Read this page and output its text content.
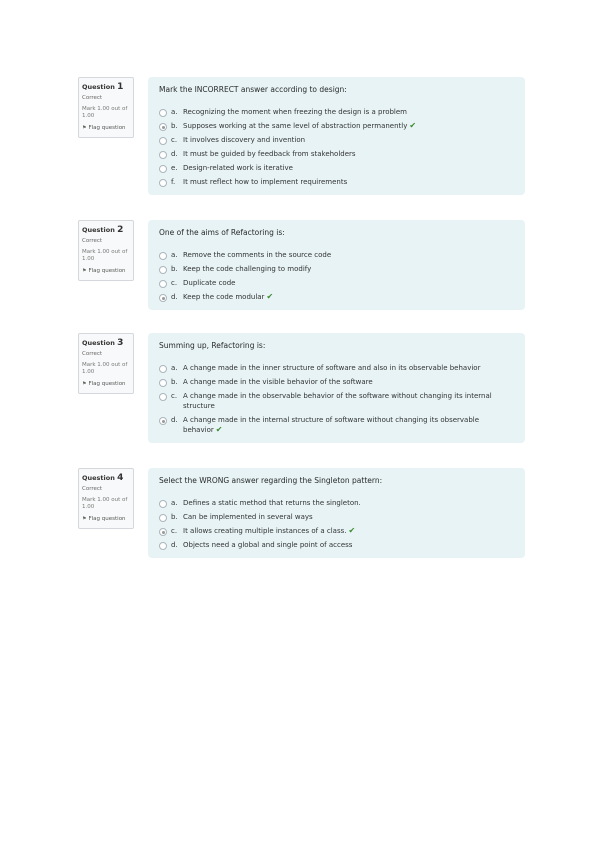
Question 1
Correct
Mark 1.00 out of 1.00
⚑ Flag question
Mark the INCORRECT answer according to design:
a. Recognizing the moment when freezing the design is a problem
b. Supposes working at the same level of abstraction permanently ✔
c. It involves discovery and invention
d. It must be guided by feedback from stakeholders
e. Design-related work is iterative
f.	It must reflect how to implement requirements
Question 2
Correct
Mark 1.00 out of 1.00
⚑ Flag question
One of the aims of Refactoring is:
a. Remove the comments in the source code
b. Keep the code challenging to modify
c. Duplicate code
d. Keep the code modular ✔
Question 3
Correct
Mark 1.00 out of 1.00
⚑ Flag question
Summing up, Refactoring is:
a. A change made in the inner structure of software and also in its observable behavior
b. A change made in the visible behavior of the software
c. A change made in the observable behavior of the software without changing its internal structure
d. A change made in the internal structure of software without changing its observable behavior ✔
Question 4
Correct
Mark 1.00 out of 1.00
⚑ Flag question
Select the WRONG answer regarding the Singleton pattern:
a. Defines a static method that returns the singleton.
b. Can be implemented in several ways
c. It allows creating multiple instances of a class. ✔
d. Objects need a global and single point of access
